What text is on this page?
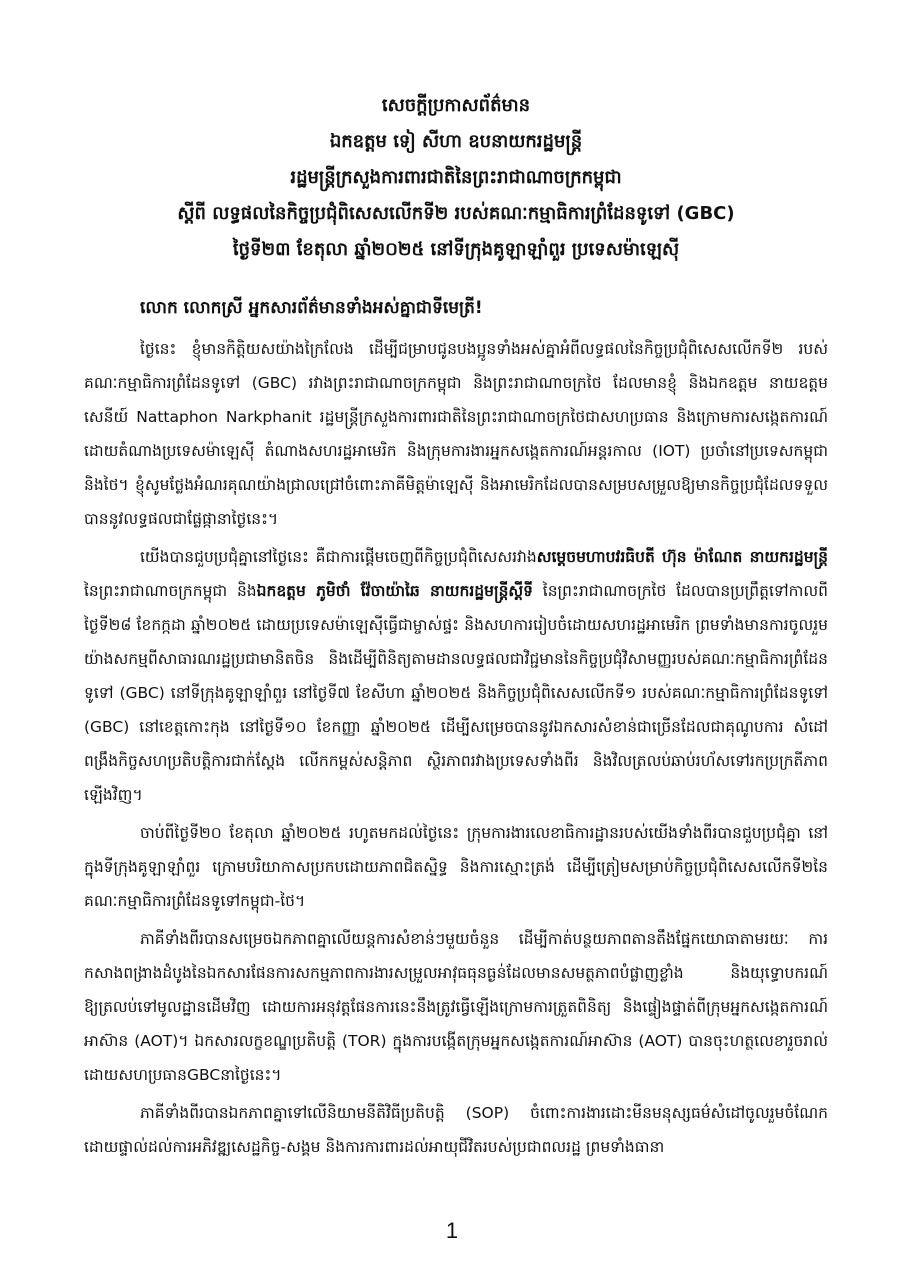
សេចក្តីប្រកាសព័ត៌មាន
ឯកឧត្តម ទៀ សីហា ឧបនាយករដ្ឋមន្ត្រី
រដ្ឋមន្ត្រីក្រសួងការពារជាតិនៃព្រះរាជាណាចក្រកម្ពុជា
ស្តីពី លទ្ធផលនៃកិច្ចប្រជុំពិសេសលើកទី២ របស់គណៈកម្មាធិការព្រំដែនទូទៅ (GBC)
ថ្ងៃទី២៣ ខែតុលា ឆ្នាំ២០២៥ នៅទីក្រុងគូឡាឡាំពួរ ប្រទេសម៉ាឡេស៊ី

លោក លោកស្រី អ្នកសារព័ត៌មានទាំងអស់គ្នាជាទីមេត្រី!

ថ្ងៃនេះ ខ្ញុំមានកិត្តិយសយ៉ាងក្រៃលែង ដើម្បីជម្រាបជូនបងប្អូនទាំងអស់គ្នាអំពីលទ្ធផលនៃកិច្ចប្រជុំពិសេសលើកទី២ របស់គណៈកម្មាធិការព្រំដែនទូទៅ (GBC) រវាងព្រះរាជាណាចក្រកម្ពុជា និងព្រះរាជាណាចក្រថៃ ដែលមានខ្ញុំ និងឯកឧត្តម នាយឧត្តមសេនីយ៍ Nattaphon Narkphanit រដ្ឋមន្ត្រីក្រសួងការពារជាតិនៃព្រះរាជាណាចក្រថៃជាសហប្រធាន និងក្រោមការសង្កេតការណ៍ដោយតំណាងប្រទេសម៉ាឡេស៊ី តំណាងសហរដ្ឋអាមេរិក និងក្រុមការងារអ្នកសង្កេតការណ៍អន្តរកាល (IOT) ប្រចាំនៅប្រទេសកម្ពុជា និងថៃ។ ខ្ញុំសូមថ្លែងអំណរគុណយ៉ាងជ្រាលជ្រៅចំពោះភាគីមិត្តម៉ាឡេស៊ី និងអាមេរិកដែលបានសម្របសម្រួលឱ្យមានកិច្ចប្រជុំដែលទទួលបាននូវលទ្ធផលជាផ្លែផ្កានាថ្ងៃនេះ។

យើងបានជួបប្រជុំគ្នានៅថ្ងៃនេះ គឺជាការផ្តើមចេញពីកិច្ចប្រជុំពិសេសរវាងសម្តេចមហាបវរធិបតី ហ៊ុន ម៉ាណែត នាយករដ្ឋមន្ត្រី នៃព្រះរាជាណាចក្រកម្ពុជា និងឯកឧត្តម ភូមិថាំ វ៉ែចាយ៉ាឆៃ នាយករដ្ឋមន្ត្រីស្តីទី នៃព្រះរាជាណាចក្រថៃ ដែលបានប្រព្រឹត្តទៅកាលពីថ្ងៃទី២៨ ខែកក្កដា ឆ្នាំ២០២៥ ដោយប្រទេសម៉ាឡេស៊ីធ្វើជាម្ចាស់ផ្ទះ និងសហការរៀបចំដោយសហរដ្ឋអាមេរិក ព្រមទាំងមានការចូលរួមយ៉ាងសកម្មពីសាធារណរដ្ឋប្រជាមានិតចិន និងដើម្បីពិនិត្យតាមដានលទ្ធផលជាវិជ្ជមាននៃកិច្ចប្រជុំវិសាមញ្ញរបស់គណៈកម្មាធិការព្រំដែនទូទៅ (GBC) នៅទីក្រុងគូឡាឡាំពួរ នៅថ្ងៃទី៧ ខែសីហា ឆ្នាំ២០២៥ និងកិច្ចប្រជុំពិសេសលើកទី១ របស់គណៈកម្មាធិការព្រំដែនទូទៅ (GBC) នៅខេត្តកោះកុង នៅថ្ងៃទី១០ ខែកញ្ញា ឆ្នាំ២០២៥ ដើម្បីសម្រេចបាននូវឯកសារសំខាន់ជាច្រើនដែលជាគុណូបការ សំដៅពង្រឹងកិច្ចសហប្រតិបត្តិការជាក់ស្តែង លើកកម្ពស់សន្តិភាព ស្ថិរភាពរវាងប្រទេសទាំងពីរ និងវិលត្រលប់ឆាប់រហ័សទៅរកប្រក្រតីភាពឡើងវិញ។

ចាប់ពីថ្ងៃទី២០ ខែតុលា ឆ្នាំ២០២៥ រហូតមកដល់ថ្ងៃនេះ ក្រុមការងារលេខាធិការដ្ឋានរបស់យើងទាំងពីរបានជួបប្រជុំគ្នា នៅក្នុងទីក្រុងគូឡាឡាំពួរ ក្រោមបរិយាកាសប្រកបដោយភាពជិតស្និទ្ធ និងការស្មោះត្រង់ ដើម្បីត្រៀមសម្រាប់កិច្ចប្រជុំពិសេសលើកទី២នៃគណៈកម្មាធិការព្រំដែនទូទៅកម្ពុជា-ថៃ។

ភាគីទាំងពីរបានសម្រេចឯកភាពគ្នាលើយន្តការសំខាន់ៗមួយចំនួន ដើម្បីកាត់បន្ថយភាពតានតឹងផ្នែកយោធាតាមរយៈ ការកសាងពង្រាងដំបូងនៃឯកសារផែនការសកម្មភាពការងារសម្រួលអាវុធធុនធ្ងន់ដែលមានសមត្ថភាពបំផ្លាញខ្លាំង និងយុទ្ធោបករណ៍ឱ្យត្រលប់ទៅមូលដ្ឋានដើមវិញ ដោយការអនុវត្តផែនការនេះនឹងត្រូវធ្វើឡើងក្រោមការត្រួតពិនិត្យ និងផ្ទៀងផ្ទាត់ពីក្រុមអ្នកសង្កេតការណ៍អាស៊ាន (AOT)។ ឯកសារលក្ខខណ្ឌប្រតិបត្តិ (TOR) ក្នុងការបង្កើតក្រុមអ្នកសង្កេតការណ៍អាស៊ាន (AOT) បានចុះហត្ថលេខារួចរាល់ដោយសហប្រធានGBCនាថ្ងៃនេះ។

ភាគីទាំងពីរបានឯកភាពគ្នាទៅលើនិយាមនីតិវិធីប្រតិបត្តិ (SOP) ចំពោះការងារដោះមីនមនុស្សធម៌សំដៅចូលរួមចំណែកដោយផ្ទាល់ដល់ការអភិវឌ្ឍសេដ្ឋកិច្ច-សង្គម និងការការពារដល់អាយុជីវិតរបស់ប្រជាពលរដ្ឋ ព្រមទាំងធានា

1
